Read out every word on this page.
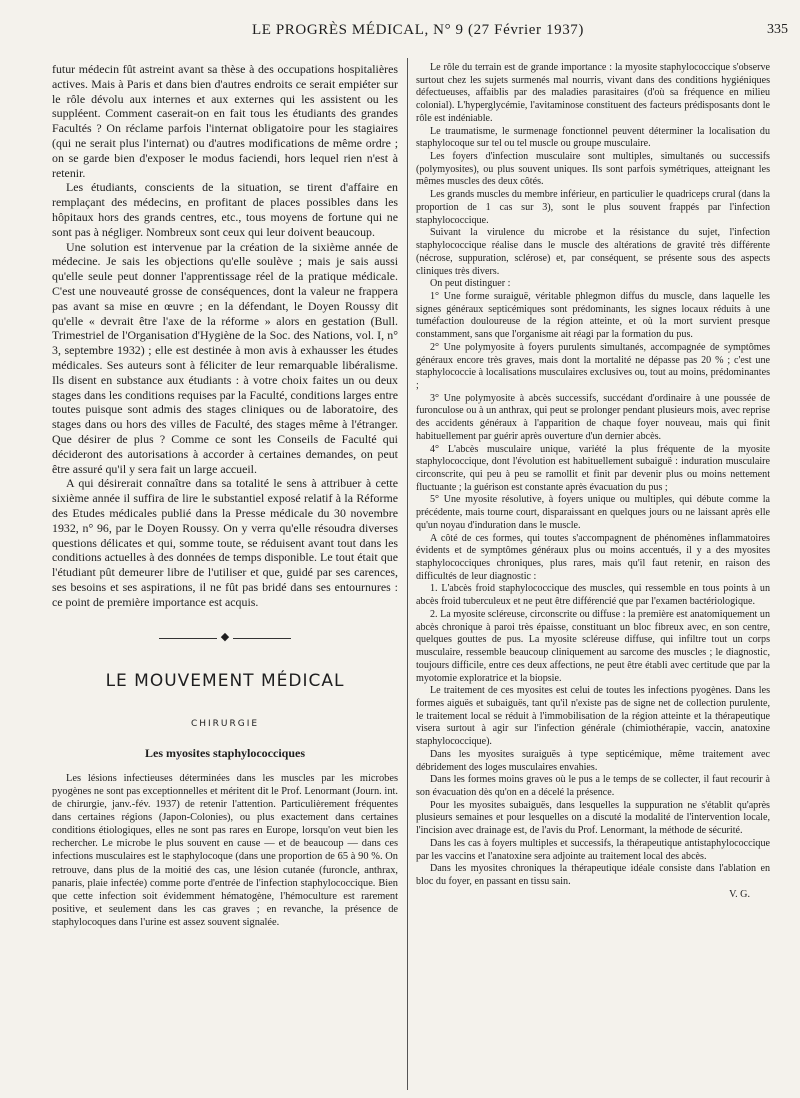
LE PROGRÈS MÉDICAL, N° 9 (27 Février 1937)	335

futur médecin fût astreint avant sa thèse à des occupations hospitalières actives. Mais à Paris et dans bien d'autres endroits ce serait empiéter sur le rôle dévolu aux internes et aux externes qui les assistent ou les suppléent. Comment caserait-on en fait tous les étudiants des grandes Facultés ? On réclame parfois l'internat obligatoire pour les stagiaires (qui ne serait plus l'internat) ou d'autres modifications de même ordre ; on se garde bien d'exposer le modus faciendi, hors lequel rien n'est à retenir.

Les étudiants, conscients de la situation, se tirent d'affaire en remplaçant des médecins, en profitant de places possibles dans les hôpitaux hors des grands centres, etc., tous moyens de fortune qui ne sont pas à négliger. Nombreux sont ceux qui leur doivent beaucoup.

Une solution est intervenue par la création de la sixième année de médecine. Je sais les objections qu'elle soulève ; mais je sais aussi qu'elle seule peut donner l'apprentissage réel de la pratique médicale. C'est une nouveauté grosse de conséquences, dont la valeur ne frappera pas avant sa mise en œuvre ; en la défendant, le Doyen Roussy dit qu'elle « devrait être l'axe de la réforme » alors en gestation (Bull. Trimestriel de l'Organisation d'Hygiène de la Soc. des Nations, vol. I, n° 3, septembre 1932) ; elle est destinée à mon avis à exhausser les études médicales. Ses auteurs sont à féliciter de leur remarquable libéralisme. Ils disent en substance aux étudiants : à votre choix faites un ou deux stages dans les conditions requises par la Faculté, conditions larges entre toutes puisque sont admis des stages cliniques ou de laboratoire, des stages dans ou hors des villes de Faculté, des stages même à l'étranger. Que désirer de plus ? Comme ce sont les Conseils de Faculté qui décideront des autorisations à accorder à certaines demandes, on peut être assuré qu'il y sera fait un large accueil.

A qui désirerait connaître dans sa totalité le sens à attribuer à cette sixième année il suffira de lire le substantiel exposé relatif à la Réforme des Etudes médicales publié dans la Presse médicale du 30 novembre 1932, n° 96, par le Doyen Roussy. On y verra qu'elle résoudra diverses questions délicates et qui, somme toute, se réduisent avant tout dans les conditions actuelles à des données de temps disponible. Le tout était que l'étudiant pût demeurer libre de l'utiliser et que, guidé par ses carences, ses besoins et ses aspirations, il ne fût pas bridé dans ses entournures : ce point de première importance est acquis.

◆
LE MOUVEMENT MÉDICAL
CHIRURGIE
Les myosites staphylococciques

Les lésions infectieuses déterminées dans les muscles par les microbes pyogènes ne sont pas exceptionnelles et méritent dit le Prof. Lenormant (Journ. int. de chirurgie, janv.-fév. 1937) de retenir l'attention. Particulièrement fréquentes dans certaines régions (Japon-Colonies), ou plus exactement dans certaines conditions étiologiques, elles ne sont pas rares en Europe, lorsqu'on veut bien les rechercher. Le microbe le plus souvent en cause — et de beaucoup — dans ces infections musculaires est le staphylocoque (dans une proportion de 65 à 90 %. On retrouve, dans plus de la moitié des cas, une lésion cutanée (furoncle, anthrax, panaris, plaie infectée) comme porte d'entrée de l'infection staphylococcique. Bien que cette infection soit évidemment hématogène, l'hémoculture est rarement positive, et seulement dans les cas graves ; en revanche, la présence de staphylocoques dans l'urine est assez souvent signalée.

Le rôle du terrain est de grande importance : la myosite staphylococcique s'observe surtout chez les sujets surmenés mal nourris, vivant dans des conditions hygiéniques défectueuses, affaiblis par des maladies parasitaires (d'où sa fréquence en milieu colonial). L'hyperglycémie, l'avitaminose constituent des facteurs prédisposants dont le rôle est indéniable.

Le traumatisme, le surmenage fonctionnel peuvent déterminer la localisation du staphylocoque sur tel ou tel muscle ou groupe musculaire.

Les foyers d'infection musculaire sont multiples, simultanés ou successifs (polymyosites), ou plus souvent uniques. Ils sont parfois symétriques, atteignant les mêmes muscles des deux côtés.

Les grands muscles du membre inférieur, en particulier le quadriceps crural (dans la proportion de 1 cas sur 3), sont le plus souvent frappés par l'infection staphylococcique.

Suivant la virulence du microbe et la résistance du sujet, l'infection staphylococcique réalise dans le muscle des altérations de gravité très différente (nécrose, suppuration, sclérose) et, par conséquent, se présente sous des aspects cliniques très divers.

On peut distinguer :

1° Une forme suraiguë, véritable phlegmon diffus du muscle, dans laquelle les signes généraux septicémiques sont prédominants, les signes locaux réduits à une tuméfaction douloureuse de la région atteinte, et où la mort survient presque constamment, sans que l'organisme ait réagi par la formation du pus.

2° Une polymyosite à foyers purulents simultanés, accompagnée de symptômes généraux encore très graves, mais dont la mortalité ne dépasse pas 20 % ; c'est une staphylococcie à localisations musculaires exclusives ou, tout au moins, prédominantes ;

3° Une polymyosite à abcès successifs, succédant d'ordinaire à une poussée de furonculose ou à un anthrax, qui peut se prolonger pendant plusieurs mois, avec reprise des accidents généraux à l'apparition de chaque foyer nouveau, mais qui finit habituellement par guérir après ouverture d'un dernier abcès.

4° L'abcès musculaire unique, variété la plus fréquente de la myosite staphylococcique, dont l'évolution est habituellement subaiguë : induration musculaire circonscrite, qui peu à peu se ramollit et finit par devenir plus ou moins nettement fluctuante ; la guérison est constante après évacuation du pus ;

5° Une myosite résolutive, à foyers unique ou multiples, qui débute comme la précédente, mais tourne court, disparaissant en quelques jours ou ne laissant après elle qu'un noyau d'induration dans le muscle.

A côté de ces formes, qui toutes s'accompagnent de phénomènes inflammatoires évidents et de symptômes généraux plus ou moins accentués, il y a des myosites staphylococciques chroniques, plus rares, mais qu'il faut retenir, en raison des difficultés de leur diagnostic :

1. L'abcès froid staphylococcique des muscles, qui ressemble en tous points à un abcès froid tuberculeux et ne peut être différencié que par l'examen bactériologique.

2. La myosite scléreuse, circonscrite ou diffuse : la première est anatomiquement un abcès chronique à paroi très épaisse, constituant un bloc fibreux avec, en son centre, quelques gouttes de pus. La myosite scléreuse diffuse, qui infiltre tout un corps musculaire, ressemble beaucoup cliniquement au sarcome des muscles ; le diagnostic, toujours difficile, entre ces deux affections, ne peut être établi avec certitude que par la myotomie exploratrice et la biopsie.

Le traitement de ces myosites est celui de toutes les infections pyogènes. Dans les formes aiguës et subaiguës, tant qu'il n'existe pas de signe net de collection purulente, le traitement local se réduit à l'immobilisation de la région atteinte et la thérapeutique visera surtout à agir sur l'infection générale (chimiothérapie, vaccin, anatoxine staphylococcique).

Dans les myosites suraiguës à type septicémique, même traitement avec débridement des loges musculaires envahies.

Dans les formes moins graves où le pus a le temps de se collecter, il faut recourir à son évacuation dès qu'on en a décelé la présence.

Pour les myosites subaiguës, dans lesquelles la suppuration ne s'établit qu'après plusieurs semaines et pour lesquelles on a discuté la modalité de l'intervention locale, l'incision avec drainage est, de l'avis du Prof. Lenormant, la méthode de sécurité.

Dans les cas à foyers multiples et successifs, la thérapeutique antistaphylococcique par les vaccins et l'anatoxine sera adjointe au traitement local des abcès.

Dans les myosites chroniques la thérapeutique idéale consiste dans l'ablation en bloc du foyer, en passant en tissu sain.

V. G.
